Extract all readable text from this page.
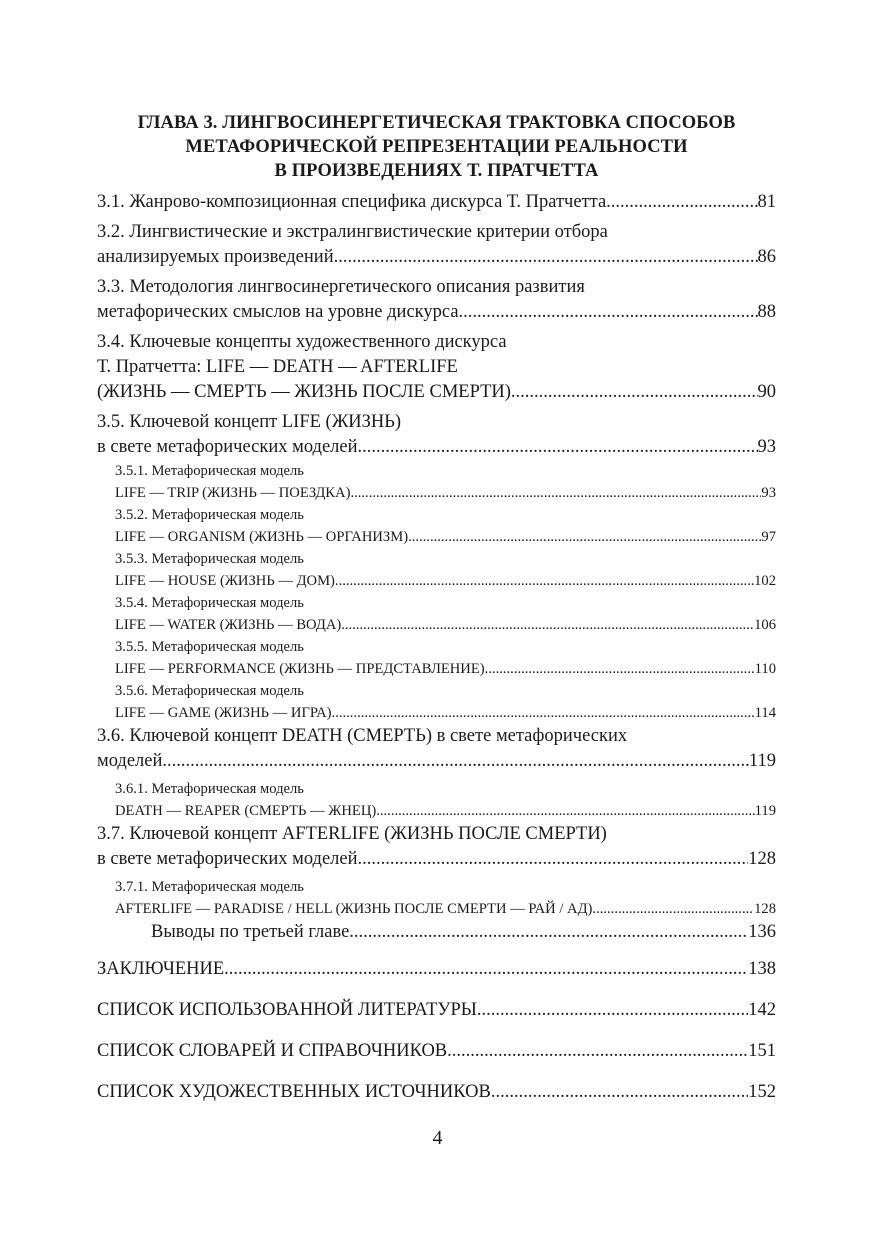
ГЛАВА 3. ЛИНГВОСИНЕРГЕТИЧЕСКАЯ ТРАКТОВКА СПОСОБОВ
МЕТАФОРИЧЕСКОЙ РЕПРЕЗЕНТАЦИИ РЕАЛЬНОСТИ
В ПРОИЗВЕДЕНИЯХ Т. ПРАТЧЕТТА
3.1. Жанрово-композиционная специфика дискурса Т. Пратчетта .....	81
3.2. Лингвистические и экстралингвистические критерии отбора
анализируемых произведений .....	86
3.3. Методология лингвосинергетического описания развития
метафорических смыслов на уровне дискурса .....	88
3.4. Ключевые концепты художественного дискурса
Т. Пратчетта: LIFE — DEATH — AFTERLIFE
(ЖИЗНЬ — СМЕРТЬ — ЖИЗНЬ ПОСЛЕ СМЕРТИ) .....	90
3.5. Ключевой концепт LIFE (ЖИЗНЬ)
в свете метафорических моделей .....	93
3.5.1. Метафорическая модель
LIFE — TRIP (ЖИЗНЬ — ПОЕЗДКА) .....	93
3.5.2. Метафорическая модель
LIFE — ORGANISM (ЖИЗНЬ — ОРГАНИЗМ) .....	97
3.5.3. Метафорическая модель
LIFE — HOUSE (ЖИЗНЬ — ДОМ) .....	102
3.5.4. Метафорическая модель
LIFE — WATER (ЖИЗНЬ — ВОДА) .....	106
3.5.5. Метафорическая модель
LIFE — PERFORMANCE (ЖИЗНЬ — ПРЕДСТАВЛЕНИЕ) .....	110
3.5.6. Метафорическая модель
LIFE — GAME (ЖИЗНЬ — ИГРА) .....	114
3.6. Ключевой концепт DEATH (СМЕРТЬ) в свете метафорических
моделей .....	119
3.6.1. Метафорическая модель
DEATH — REAPER (СМЕРТЬ — ЖНЕЦ) .....	119
3.7. Ключевой концепт AFTERLIFE (ЖИЗНЬ ПОСЛЕ СМЕРТИ)
в свете метафорических моделей .....	128
3.7.1. Метафорическая модель
AFTERLIFE — PARADISE / HELL (ЖИЗНЬ ПОСЛЕ СМЕРТИ — РАЙ / АД) .....	128
Выводы по третьей главе .....	136
ЗАКЛЮЧЕНИЕ .....	138
СПИСОК ИСПОЛЬЗОВАННОЙ ЛИТЕРАТУРЫ .....	142
СПИСОК СЛОВАРЕЙ И СПРАВОЧНИКОВ .....	151
СПИСОК ХУДОЖЕСТВЕННЫХ ИСТОЧНИКОВ .....	152
4
